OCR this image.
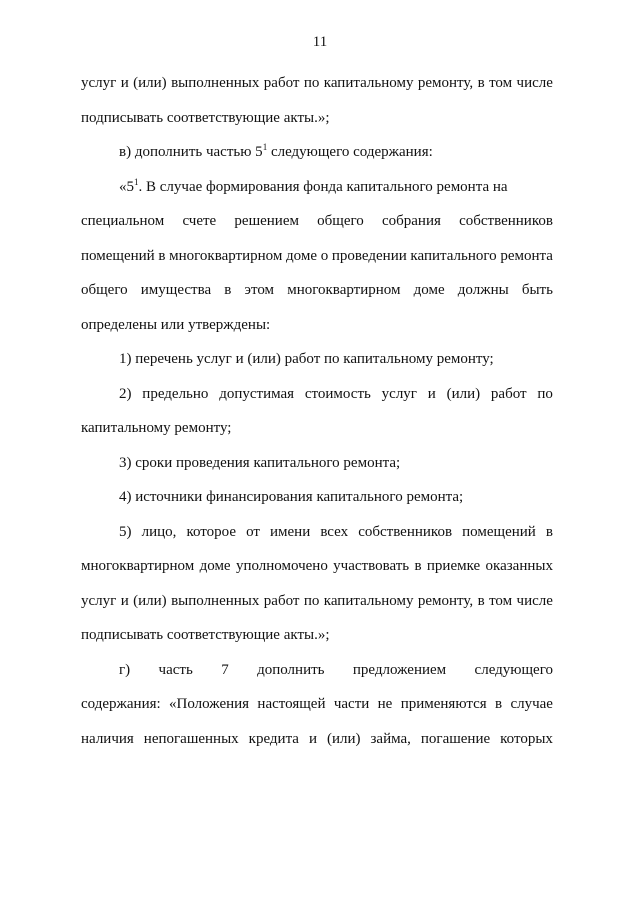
11
услуг и (или) выполненных работ по капитальному ремонту, в том числе
подписывать соответствующие акты.»;
в) дополнить частью $5^1$ следующего содержания:
«$5^1$. В случае формирования фонда капитального ремонта на
специальном счете решением общего собрания собственников
помещений в многоквартирном доме о проведении капитального ремонта
общего имущества в этом многоквартирном доме должны быть
определены или утверждены:
1) перечень услуг и (или) работ по капитальному ремонту;
2) предельно допустимая стоимость услуг и (или) работ по
капитальному ремонту;
3) сроки проведения капитального ремонта;
4) источники финансирования капитального ремонта;
5) лицо, которое от имени всех собственников помещений в
многоквартирном доме уполномочено участвовать в приемке оказанных
услуг и (или) выполненных работ по капитальному ремонту, в том числе
подписывать соответствующие акты.»;
г) часть 7 дополнить предложением следующего
содержания: «Положения настоящей части не применяются в случае
наличия непогашенных кредита и (или) займа, погашение которых
